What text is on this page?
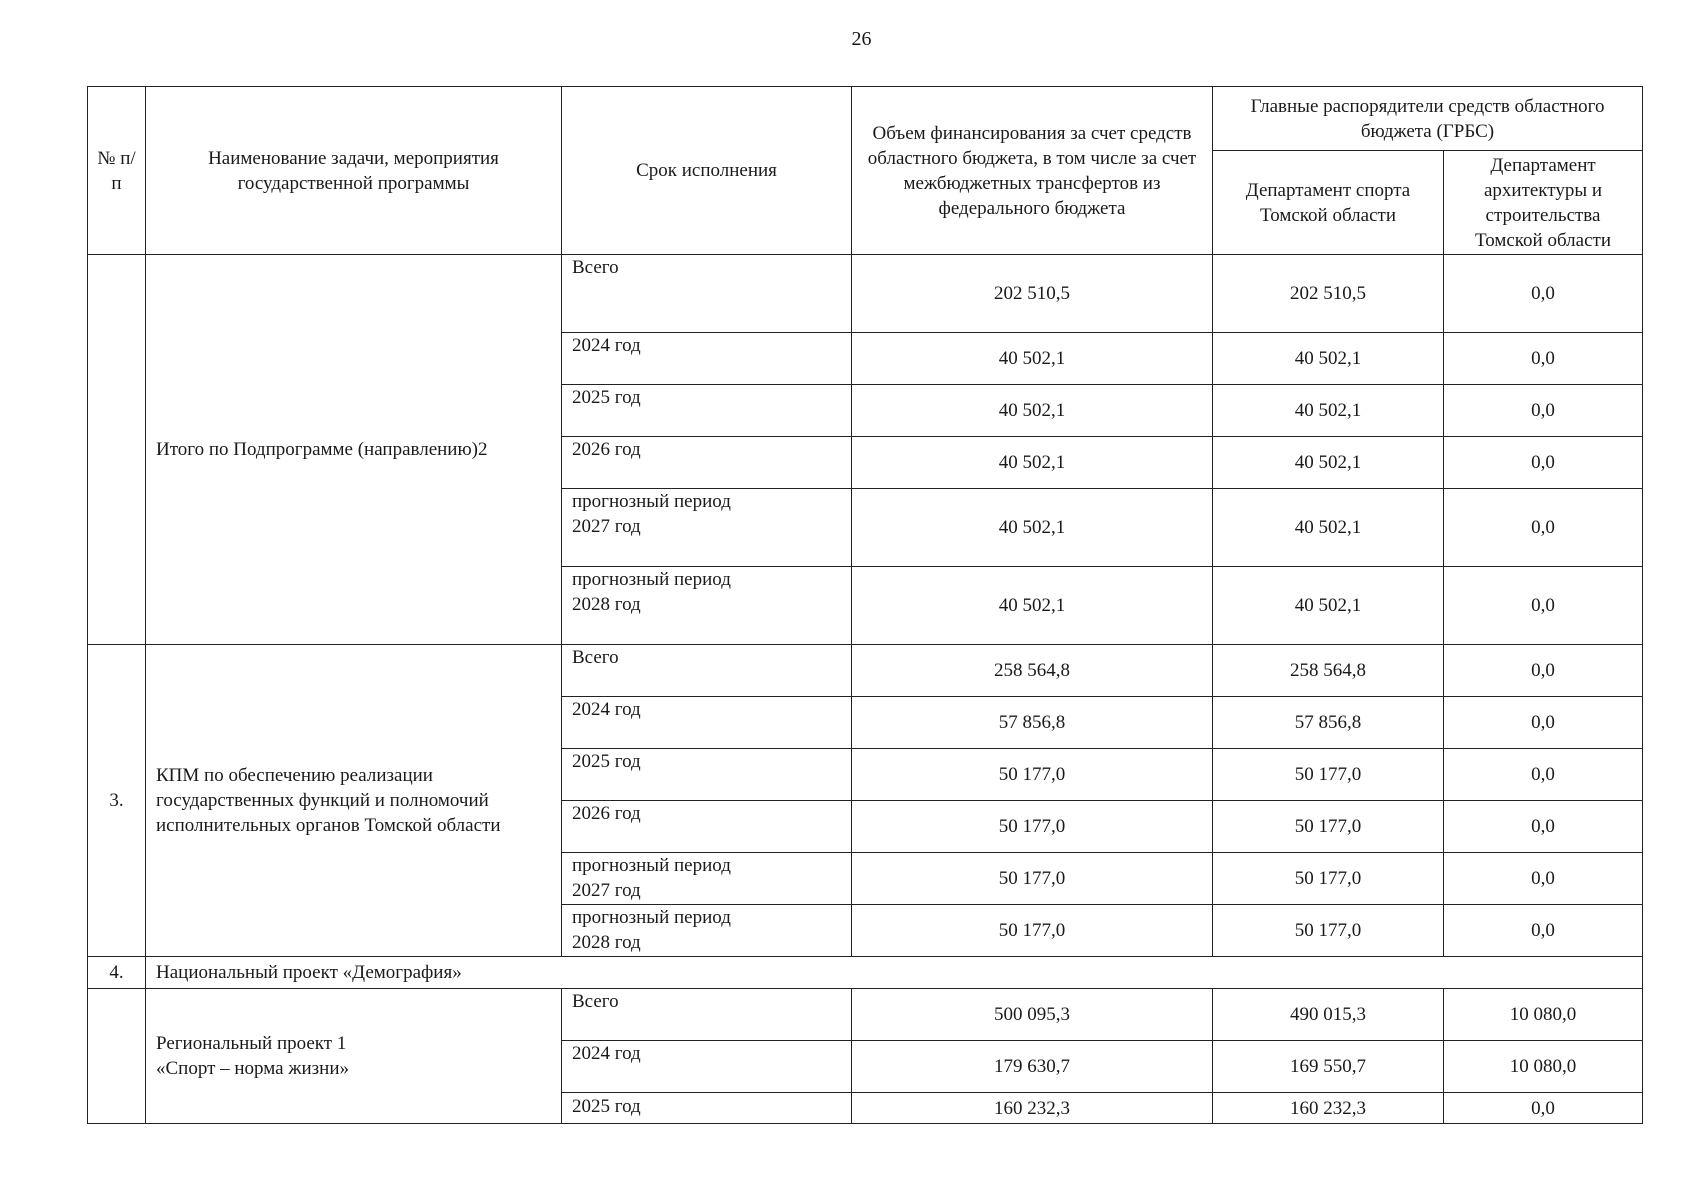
26
№ п/п	Наименование задачи, мероприятия государственной программы	Срок исполнения	Объем финансирования за счет средств областного бюджета, в том числе за счет межбюджетных трансфертов из федерального бюджета	Главные распорядители средств областного бюджета (ГРБС)	
				Департамент спорта Томской области	Департамент архитектуры и строительства Томской области
	Итого по Подпрограмме (направлению)2	Всего	202 510,5	202 510,5	0,0

		2024 год	40 502,1	40 502,1	0,0

		2025 год	40 502,1	40 502,1	0,0

		2026 год	40 502,1	40 502,1	0,0

		прогнозный период
2027 год	40 502,1	40 502,1	0,0

		прогнозный период
2028 год	40 502,1	40 502,1	0,0
3.	КПМ по обеспечению реализации государственных функций и полномочий исполнительных органов Томской области	Всего	258 564,8	258 564,8	0,0

		2024 год	57 856,8	57 856,8	0,0

		2025 год	50 177,0	50 177,0	0,0

		2026 год	50 177,0	50 177,0	0,0

		прогнозный период
2027 год	50 177,0	50 177,0	0,0

		прогнозный период
2028 год	50 177,0	50 177,0	0,0
4.	Национальный проект «Демография»				

	Региональный проект 1
«Спорт – норма жизни»	Всего	500 095,3	490 015,3	10 080,0

		2024 год	179 630,7	169 550,7	10 080,0

		2025 год	160 232,3	160 232,3	0,0
